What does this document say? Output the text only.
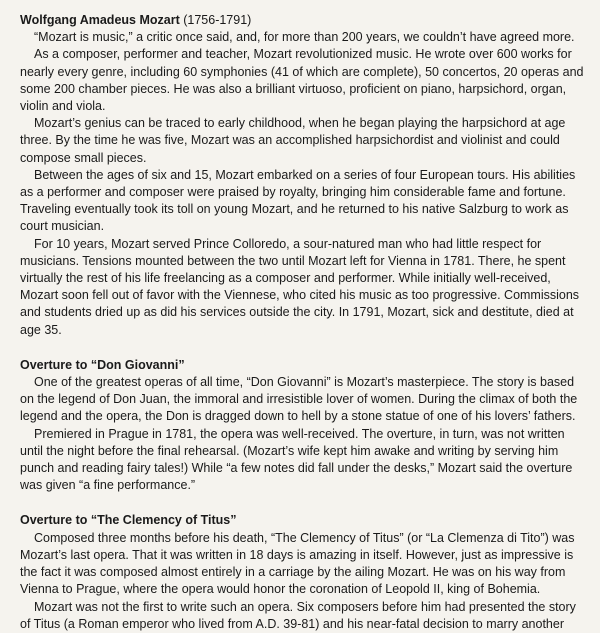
Wolfgang Amadeus Mozart (1756-1791)

“Mozart is music,” a critic once said, and, for more than 200 years, we couldn’t have agreed more.

As a composer, performer and teacher, Mozart revolutionized music. He wrote over 600 works for nearly every genre, including 60 symphonies (41 of which are complete), 50 concertos, 20 operas and some 200 chamber pieces. He was also a brilliant virtuoso, proficient on piano, harpsichord, organ, violin and viola.

Mozart’s genius can be traced to early childhood, when he began playing the harpsichord at age three. By the time he was five, Mozart was an accomplished harpsichordist and violinist and could compose small pieces.

Between the ages of six and 15, Mozart embarked on a series of four European tours. His abilities as a performer and composer were praised by royalty, bringing him considerable fame and fortune. Traveling eventually took its toll on young Mozart, and he returned to his native Salzburg to work as court musician.

For 10 years, Mozart served Prince Colloredo, a sour-natured man who had little respect for musicians. Tensions mounted between the two until Mozart left for Vienna in 1781. There, he spent virtually the rest of his life freelancing as a composer and performer. While initially well-received, Mozart soon fell out of favor with the Viennese, who cited his music as too progressive. Commissions and students dried up as did his services outside the city. In 1791, Mozart, sick and destitute, died at age 35.

Overture to “Don Giovanni”

One of the greatest operas of all time, “Don Giovanni” is Mozart’s masterpiece. The story is based on the legend of Don Juan, the immoral and irresistible lover of women. During the climax of both the legend and the opera, the Don is dragged down to hell by a stone statue of one of his lovers’ fathers.

Premiered in Prague in 1781, the opera was well-received. The overture, in turn, was not written until the night before the final rehearsal. (Mozart’s wife kept him awake and writing by serving him punch and reading fairy tales!) While “a few notes did fall under the desks,” Mozart said the overture was given “a fine performance.”

Overture to “The Clemency of Titus”

Composed three months before his death, “The Clemency of Titus” (or “La Clemenza di Tito”) was Mozart’s last opera. That it was written in 18 days is amazing in itself. However, just as impressive is the fact it was composed almost entirely in a carriage by the ailing Mozart. He was on his way from Vienna to Prague, where the opera would honor the coronation of Leopold II, king of Bohemia.

Mozart was not the first to write such an opera. Six composers before him had presented the story of Titus (a Roman emperor who lived from A.D. 39-81) and his near-fatal decision to marry another
